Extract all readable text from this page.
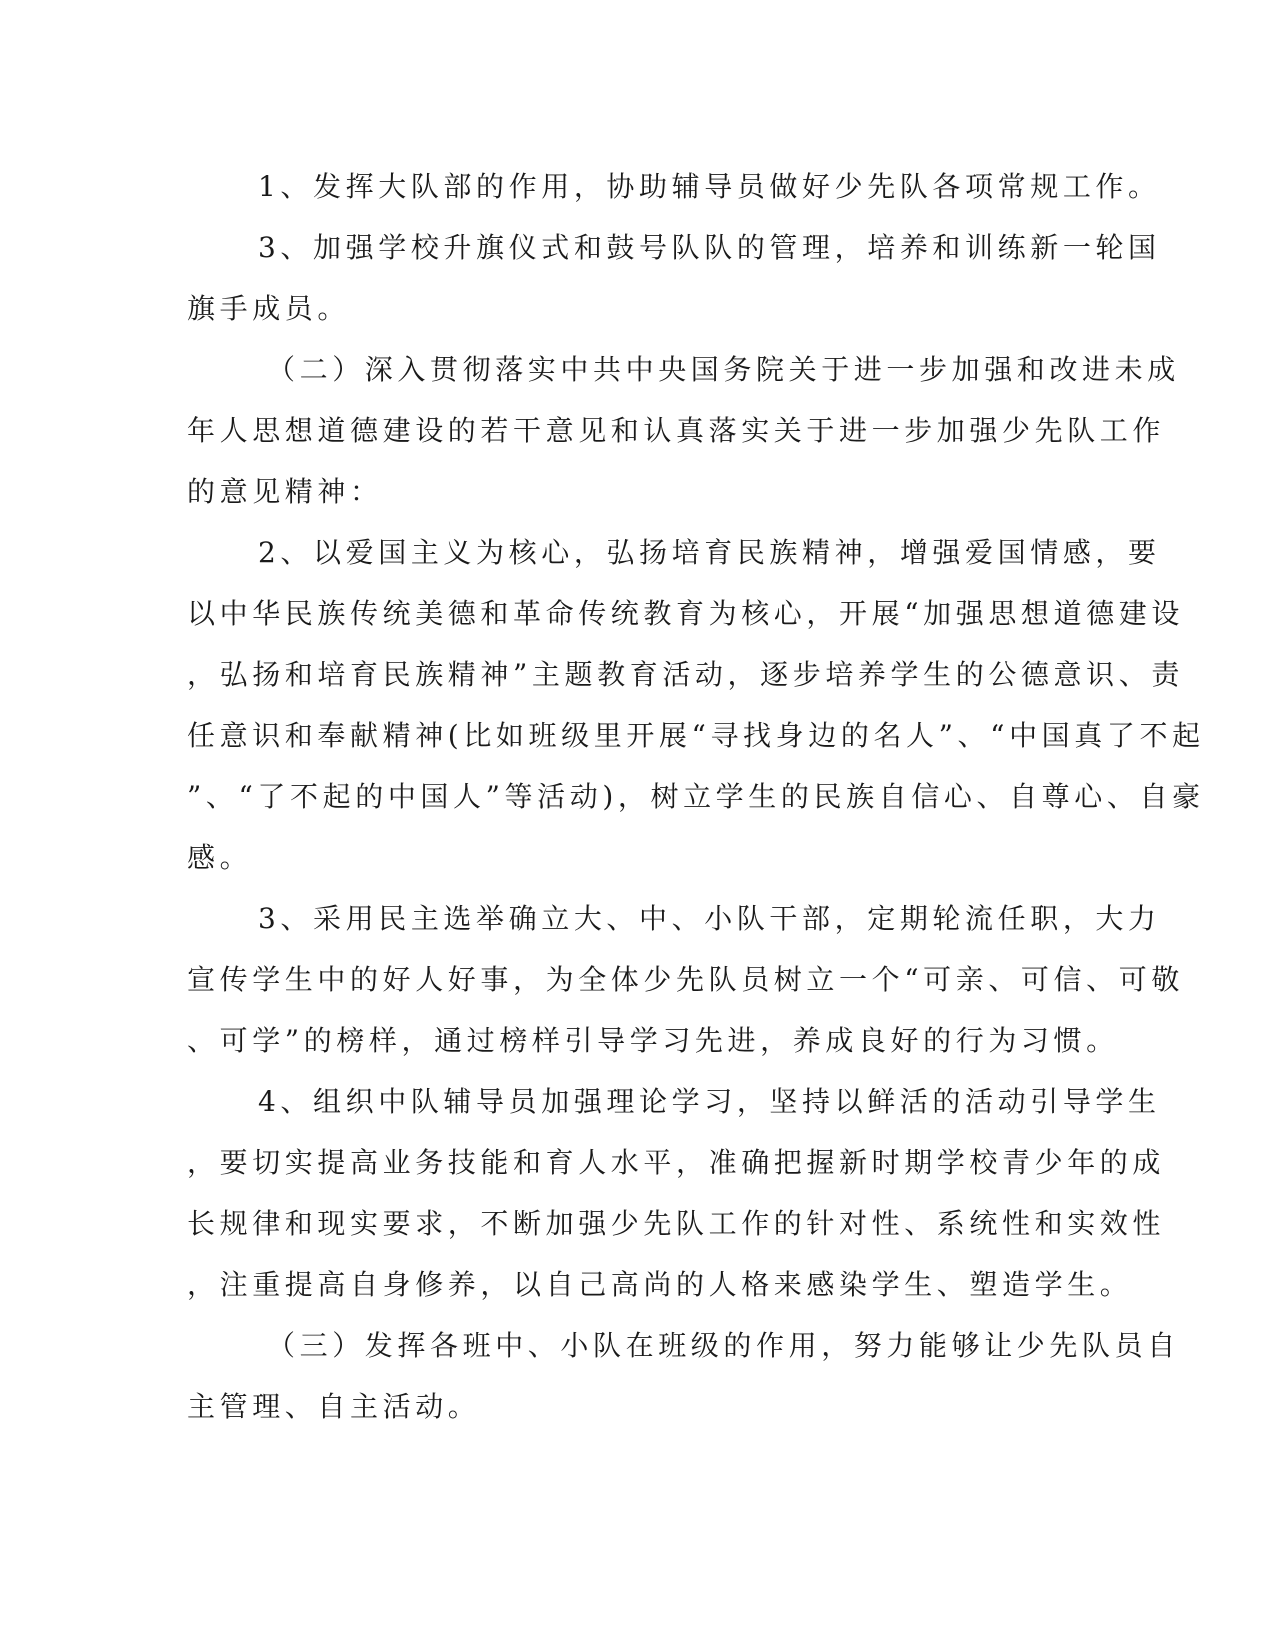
1、发挥大队部的作用，协助辅导员做好少先队各项常规工作。
3、加强学校升旗仪式和鼓号队队的管理，培养和训练新一轮国
旗手成员。
（二）深入贯彻落实中共中央国务院关于进一步加强和改进未成
年人思想道德建设的若干意见和认真落实关于进一步加强少先队工作
的意见精神：
2、以爱国主义为核心，弘扬培育民族精神，增强爱国情感，要
以中华民族传统美德和革命传统教育为核心，开展“加强思想道德建设
，弘扬和培育民族精神”主题教育活动，逐步培养学生的公德意识、责
任意识和奉献精神(比如班级里开展“寻找身边的名人”、“中国真了不起
”、“了不起的中国人”等活动)，树立学生的民族自信心、自尊心、自豪
感。
3、采用民主选举确立大、中、小队干部，定期轮流任职，大力
宣传学生中的好人好事，为全体少先队员树立一个“可亲、可信、可敬
、可学”的榜样，通过榜样引导学习先进，养成良好的行为习惯。
4、组织中队辅导员加强理论学习，坚持以鲜活的活动引导学生
，要切实提高业务技能和育人水平，准确把握新时期学校青少年的成
长规律和现实要求，不断加强少先队工作的针对性、系统性和实效性
，注重提高自身修养，以自己高尚的人格来感染学生、塑造学生。
（三）发挥各班中、小队在班级的作用，努力能够让少先队员自
主管理、自主活动。
